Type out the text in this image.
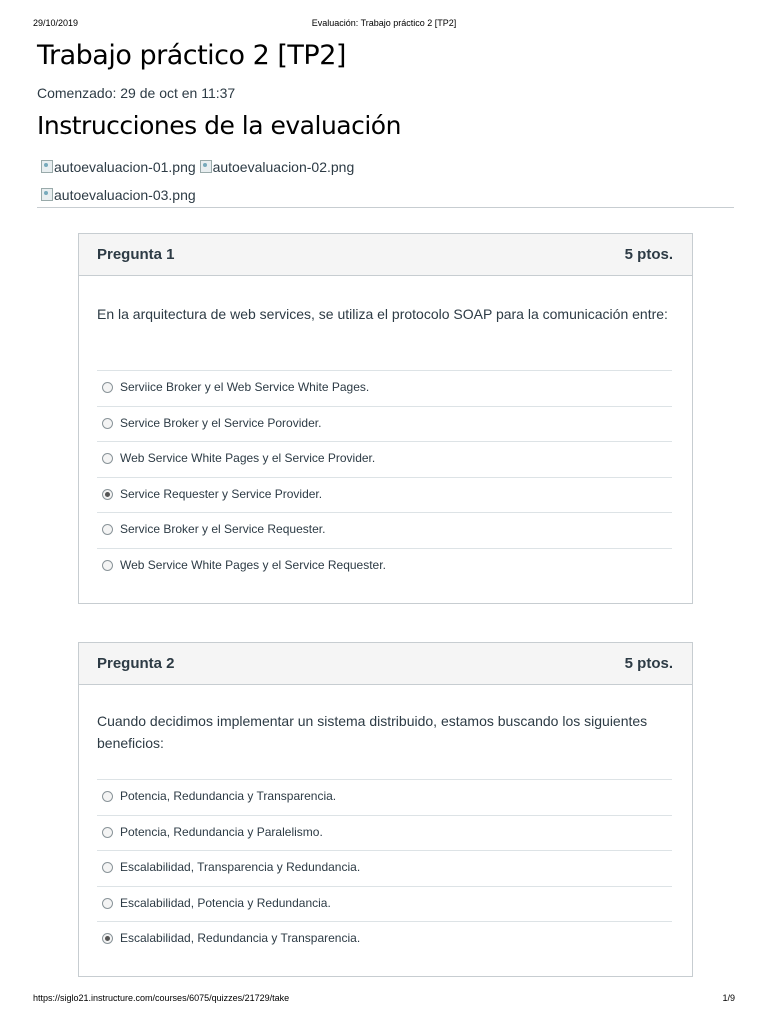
29/10/2019	Evaluación: Trabajo práctico 2 [TP2]
Trabajo práctico 2 [TP2]
Comenzado: 29 de oct en 11:37
Instrucciones de la evaluación
autoevaluacion-01.png autoevaluacion-02.png
autoevaluacion-03.png
Pregunta 1	5 ptos.
En la arquitectura de web services, se utiliza el protocolo SOAP para la comunicación entre:
Serviice Broker y el Web Service White Pages.
Service Broker y el Service Porovider.
Web Service White Pages y el Service Provider.
Service Requester y Service Provider.
Service Broker y el Service Requester.
Web Service White Pages y el Service Requester.
Pregunta 2	5 ptos.
Cuando decidimos implementar un sistema distribuido, estamos buscando los siguientes beneficios:
Potencia, Redundancia y Transparencia.
Potencia, Redundancia y Paralelismo.
Escalabilidad, Transparencia y Redundancia.
Escalabilidad, Potencia y Redundancia.
Escalabilidad, Redundancia y Transparencia.
https://siglo21.instructure.com/courses/6075/quizzes/21729/take	1/9
